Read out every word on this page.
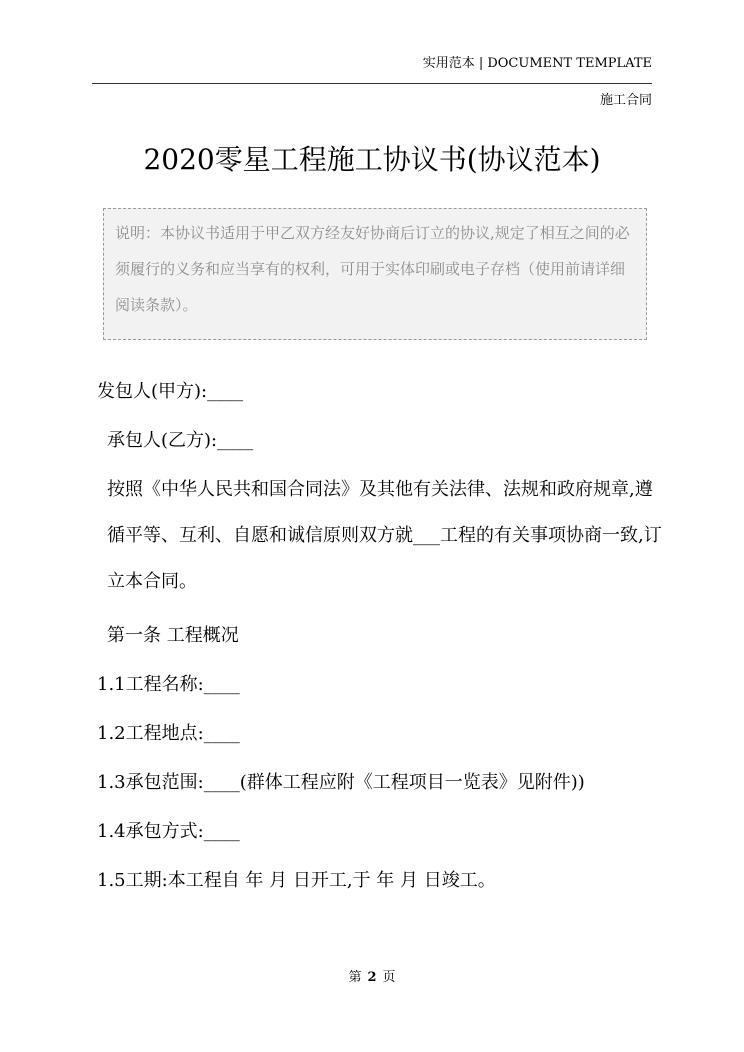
实用范本 | DOCUMENT TEMPLATE
施工合同
2020零星工程施工协议书(协议范本)
说明：本协议书适用于甲乙双方经友好协商后订立的协议,规定了相互之间的必须履行的义务和应当享有的权利，可用于实体印刷或电子存档（使用前请详细阅读条款）。
发包人(甲方):____
承包人(乙方):____
按照《中华人民共和国合同法》及其他有关法律、法规和政府规章,遵循平等、互利、自愿和诚信原则双方就___工程的有关事项协商一致,订立本合同。
第一条 工程概况
1.1工程名称:____
1.2工程地点:____
1.3承包范围:____(群体工程应附《工程项目一览表》见附件))
1.4承包方式:____
1.5工期:本工程自 年 月 日开工,于 年 月 日竣工。
第 2 页
